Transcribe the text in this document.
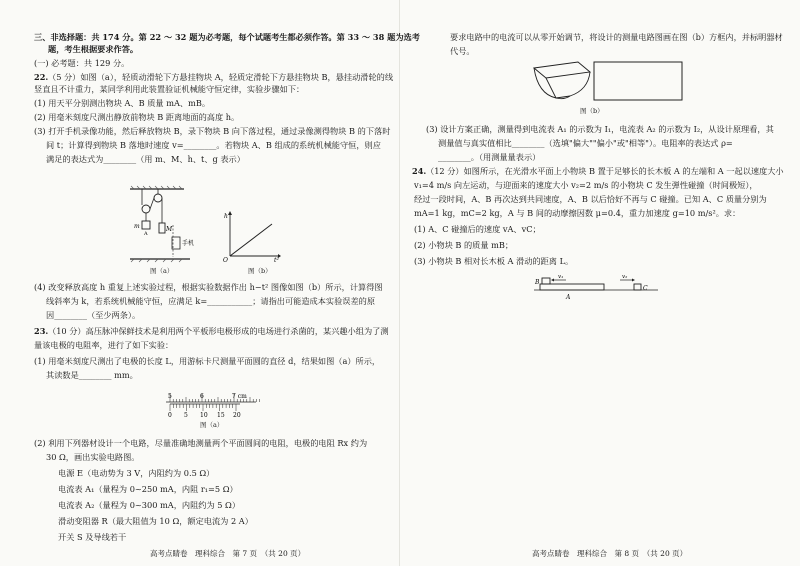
三、非选择题：共 174 分。第 22 ～ 32 题为必考题，每个试题考生都必须作答。第 33 ～ 38 题为选考
题，考生根据要求作答。
(一) 必考题：共 129 分。
22. （5 分）如图（a），轻质动滑轮下方悬挂物块 A，轻质定滑轮下方悬挂物块 B，悬挂动滑轮的线
竖直且不计重力，某同学利用此装置验证机械能守恒定律，实验步骤如下：
(1) 用天平分别测出物块 A、B 质量 mA、mB。
(2) 用毫米刻度尺测出静放前物块 B 距离地面的高度 h。
(3) 打开手机录像功能，然后释放物块 B，录下物块 B 向下落过程，通过录像测得物块 B 的下落时
间 t；计算得到物块 B 落地时速度 v=________。若物块 A、B 组成的系统机械能守恒，则应
满足的表达式为________（用 m、M、h、t、g 表示）
m
A
M
手机
图（a）
h
t²
O
图（b）
(4) 改变释放高度 h 重复上述实验过程，根据实验数据作出 h−t² 图像如图（b）所示，计算得图
线斜率为 k，若系统机械能守恒，应满足 k=___________；请指出可能造成本实验误差的原
因________（至少两条）。
23. （10 分）高压脉冲保鲜技术是利用两个平板形电极形成的电场进行杀菌的，某兴趣小组为了测
量该电极的电阻率，进行了如下实验：
(1) 用毫米刻度尺测出了电极的长度 L，用游标卡尺测量平面圆的直径 d，结果如图（a）所示，
其读数是________ mm。
5	6	7 cm
0 5 10 15 20
图（a）
(2) 利用下列器材设计一个电路，尽量准确地测量两个平面圆间的电阻，电极的电阻 Rx 约为
30 Ω，画出实验电路图。
电源 E（电动势为 3 V，内阻约为 0.5 Ω）
电流表 A₁（量程为 0~250 mA，内阻 r₁=5 Ω）
电流表 A₂（量程为 0~300 mA，内阻约为 5 Ω）
滑动变阻器 R（最大阻值为 10 Ω，额定电流为 2 A）
开关 S 及导线若干
高考点睛卷　理科综合　第 7 页　（共 20 页）
要求电路中的电流可以从零开始调节，将设计的测量电路图画在图（b）方框内，并标明器材
代号。
图（b）
(3) 设计方案正确，测量得到电流表 A₁ 的示数为 I₁，电流表 A₂ 的示数为 I₂，从设计原理看，其
测量值与真实值相比________（选填"偏大""偏小"或"相等"）。电阻率的表达式 ρ=
________。（用测量量表示）
24. （12 分）如图所示，在光滑水平面上小物块 B 置于足够长的长木板 A 的左端和 A 一起以速度大小
v₁=4 m/s 向左运动，与迎面来的速度大小 v₂=2 m/s 的小物块 C 发生弹性碰撞（时间极短），
经过一段时间，A、B 再次达到共同速度，A、B 以后恰好不再与 C 碰撞。已知 A、C 质量分别为
mA=1 kg，mC=2 kg，A 与 B 间的动摩擦因数 μ=0.4，重力加速度 g=10 m/s²。求：
(1) A、C 碰撞后的速度 vA、vC；
(2) 小物块 B 的质量 mB；
(3) 小物块 B 相对长木板 A 滑动的距离 L。
B
A
C
v₁	v₂
高考点睛卷　理科综合　第 8 页　（共 20 页）
